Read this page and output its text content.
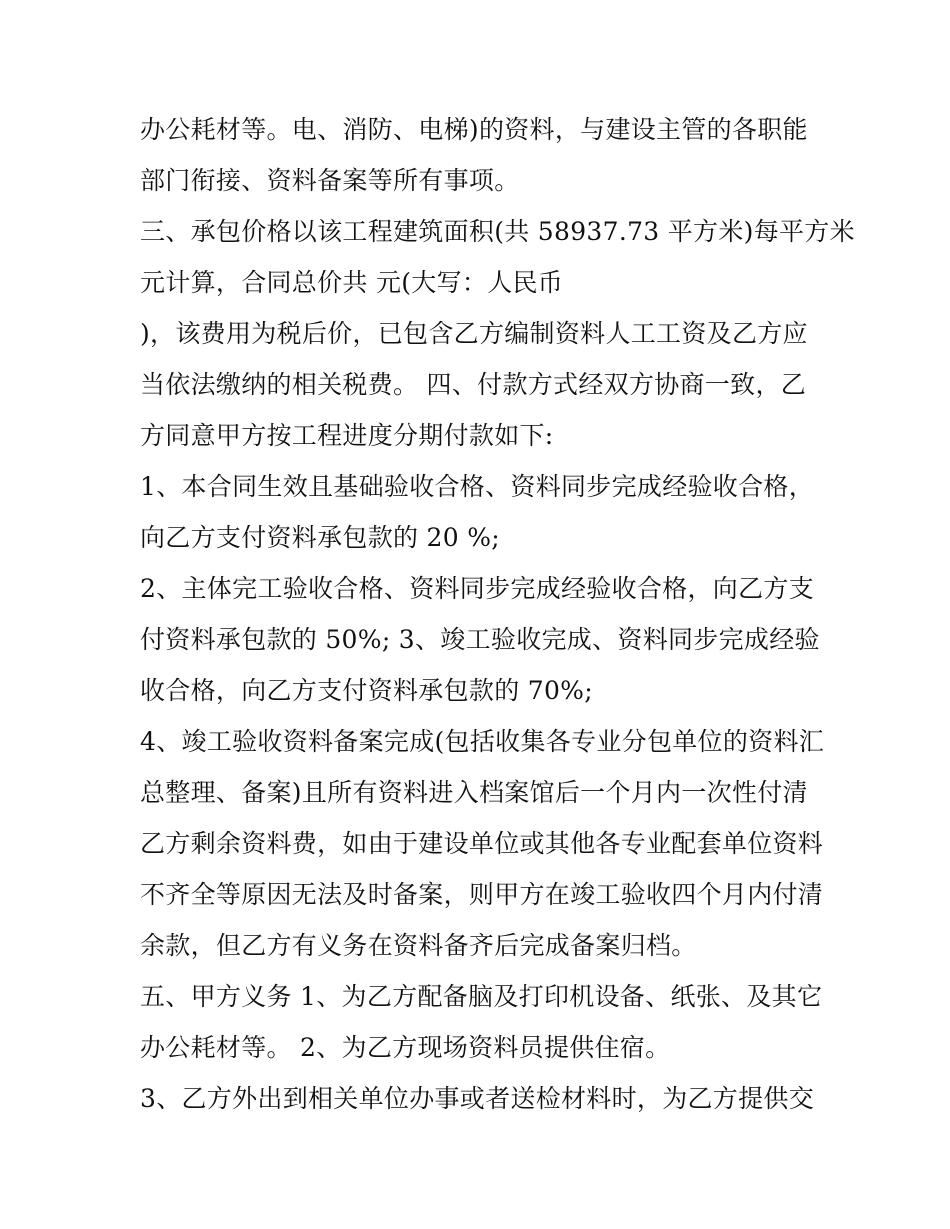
办公耗材等。电、消防、电梯)的资料，与建设主管的各职能
部门衔接、资料备案等所有事项。
三、承包价格以该工程建筑面积(共 58937.73 平方米)每平方米
元计算，合同总价共 元(大写：人民币
)，该费用为税后价，已包含乙方编制资料人工工资及乙方应
当依法缴纳的相关税费。 四、付款方式经双方协商一致，乙
方同意甲方按工程进度分期付款如下:
1、本合同生效且基础验收合格、资料同步完成经验收合格，
向乙方支付资料承包款的 20 %;
2、主体完工验收合格、资料同步完成经验收合格，向乙方支
付资料承包款的 50%; 3、竣工验收完成、资料同步完成经验
收合格，向乙方支付资料承包款的 70%;
4、竣工验收资料备案完成(包括收集各专业分包单位的资料汇
总整理、备案)且所有资料进入档案馆后一个月内一次性付清
乙方剩余资料费，如由于建设单位或其他各专业配套单位资料
不齐全等原因无法及时备案，则甲方在竣工验收四个月内付清
余款，但乙方有义务在资料备齐后完成备案归档。
五、甲方义务 1、为乙方配备脑及打印机设备、纸张、及其它
办公耗材等。 2、为乙方现场资料员提供住宿。
3、乙方外出到相关单位办事或者送检材料时，为乙方提供交
